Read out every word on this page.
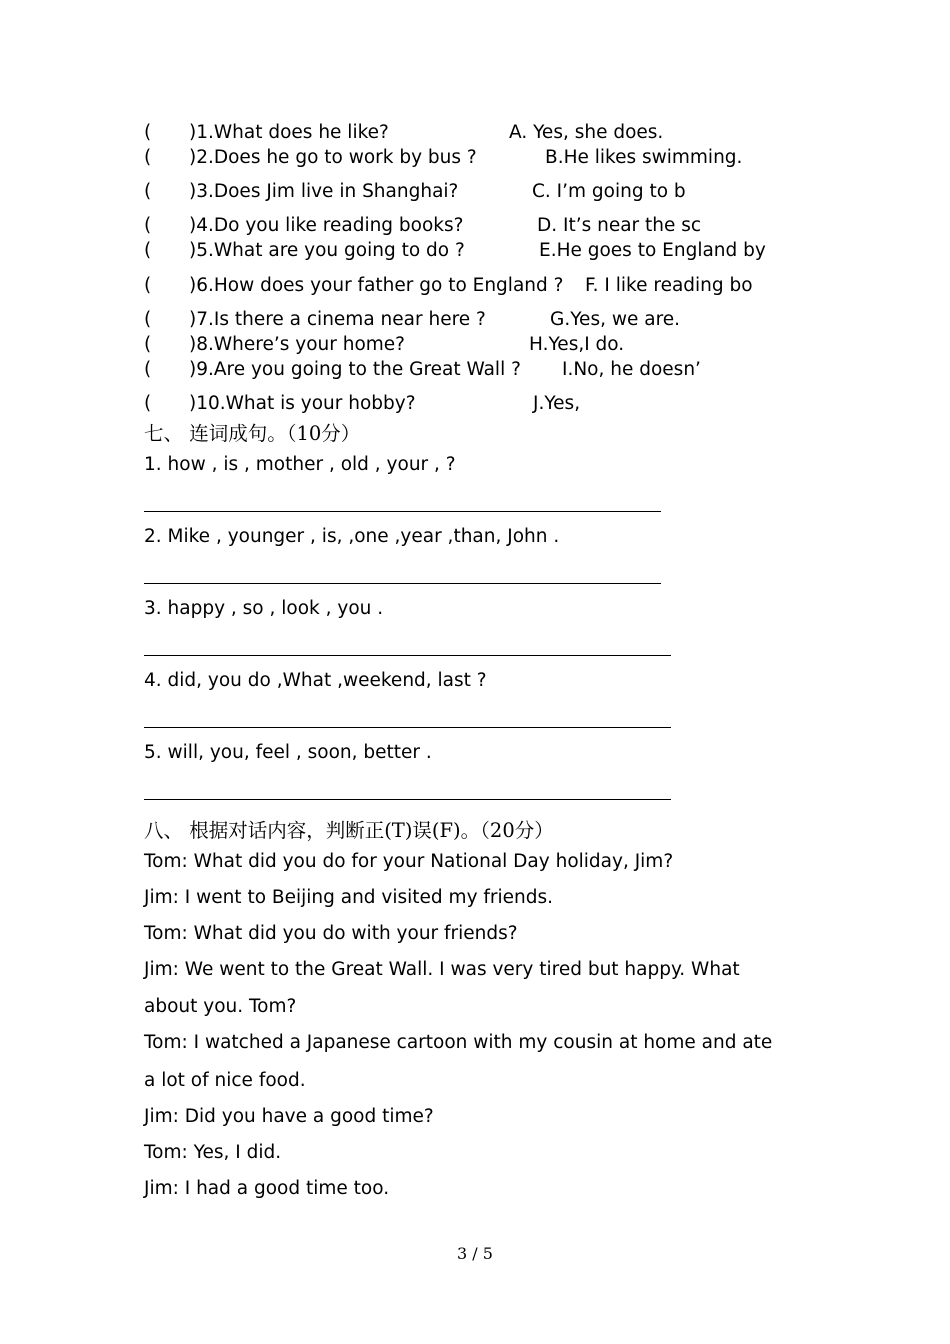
( )1.What does he like?	A. Yes, she does.
( )2.Does he go to work by bus ?	B.He likes swimming.
( )3.Does Jim live in Shanghai?	C. I’m going to b
( )4.Do you like reading books?	D. It’s near the sc
( )5.What are you going to do ?	E.He goes to England by
( )6.How does your father go to England ? F. I like reading bo
( )7.Is there a cinema near here ?	G.Yes, we are.
( )8.Where’s your home?	H.Yes,I do.
( )9.Are you going to the Great Wall ? I.No, he doesn’
( )10.What is your hobby?	J.Yes,
七、 连词成句。（10分）
1. how , is , mother , old , your , ?
2. Mike , younger , is, ,one ,year ,than, John .
3. happy , so , look , you .
4. did, you do ,What ,weekend, last ?
5. will, you, feel , soon, better .
八、 根据对话内容，判断正(T)误(F)。（20分）
Tom: What did you do for your National Day holiday, Jim?
Jim: I went to Beijing and visited my friends.
Tom: What did you do with your friends?
Jim: We went to the Great Wall. I was very tired but happy. What
about you. Tom?
Tom: I watched a Japanese cartoon with my cousin at home and ate
a lot of nice food.
Jim: Did you have a good time?
Tom: Yes, I did.
Jim: I had a good time too.
3 / 5
